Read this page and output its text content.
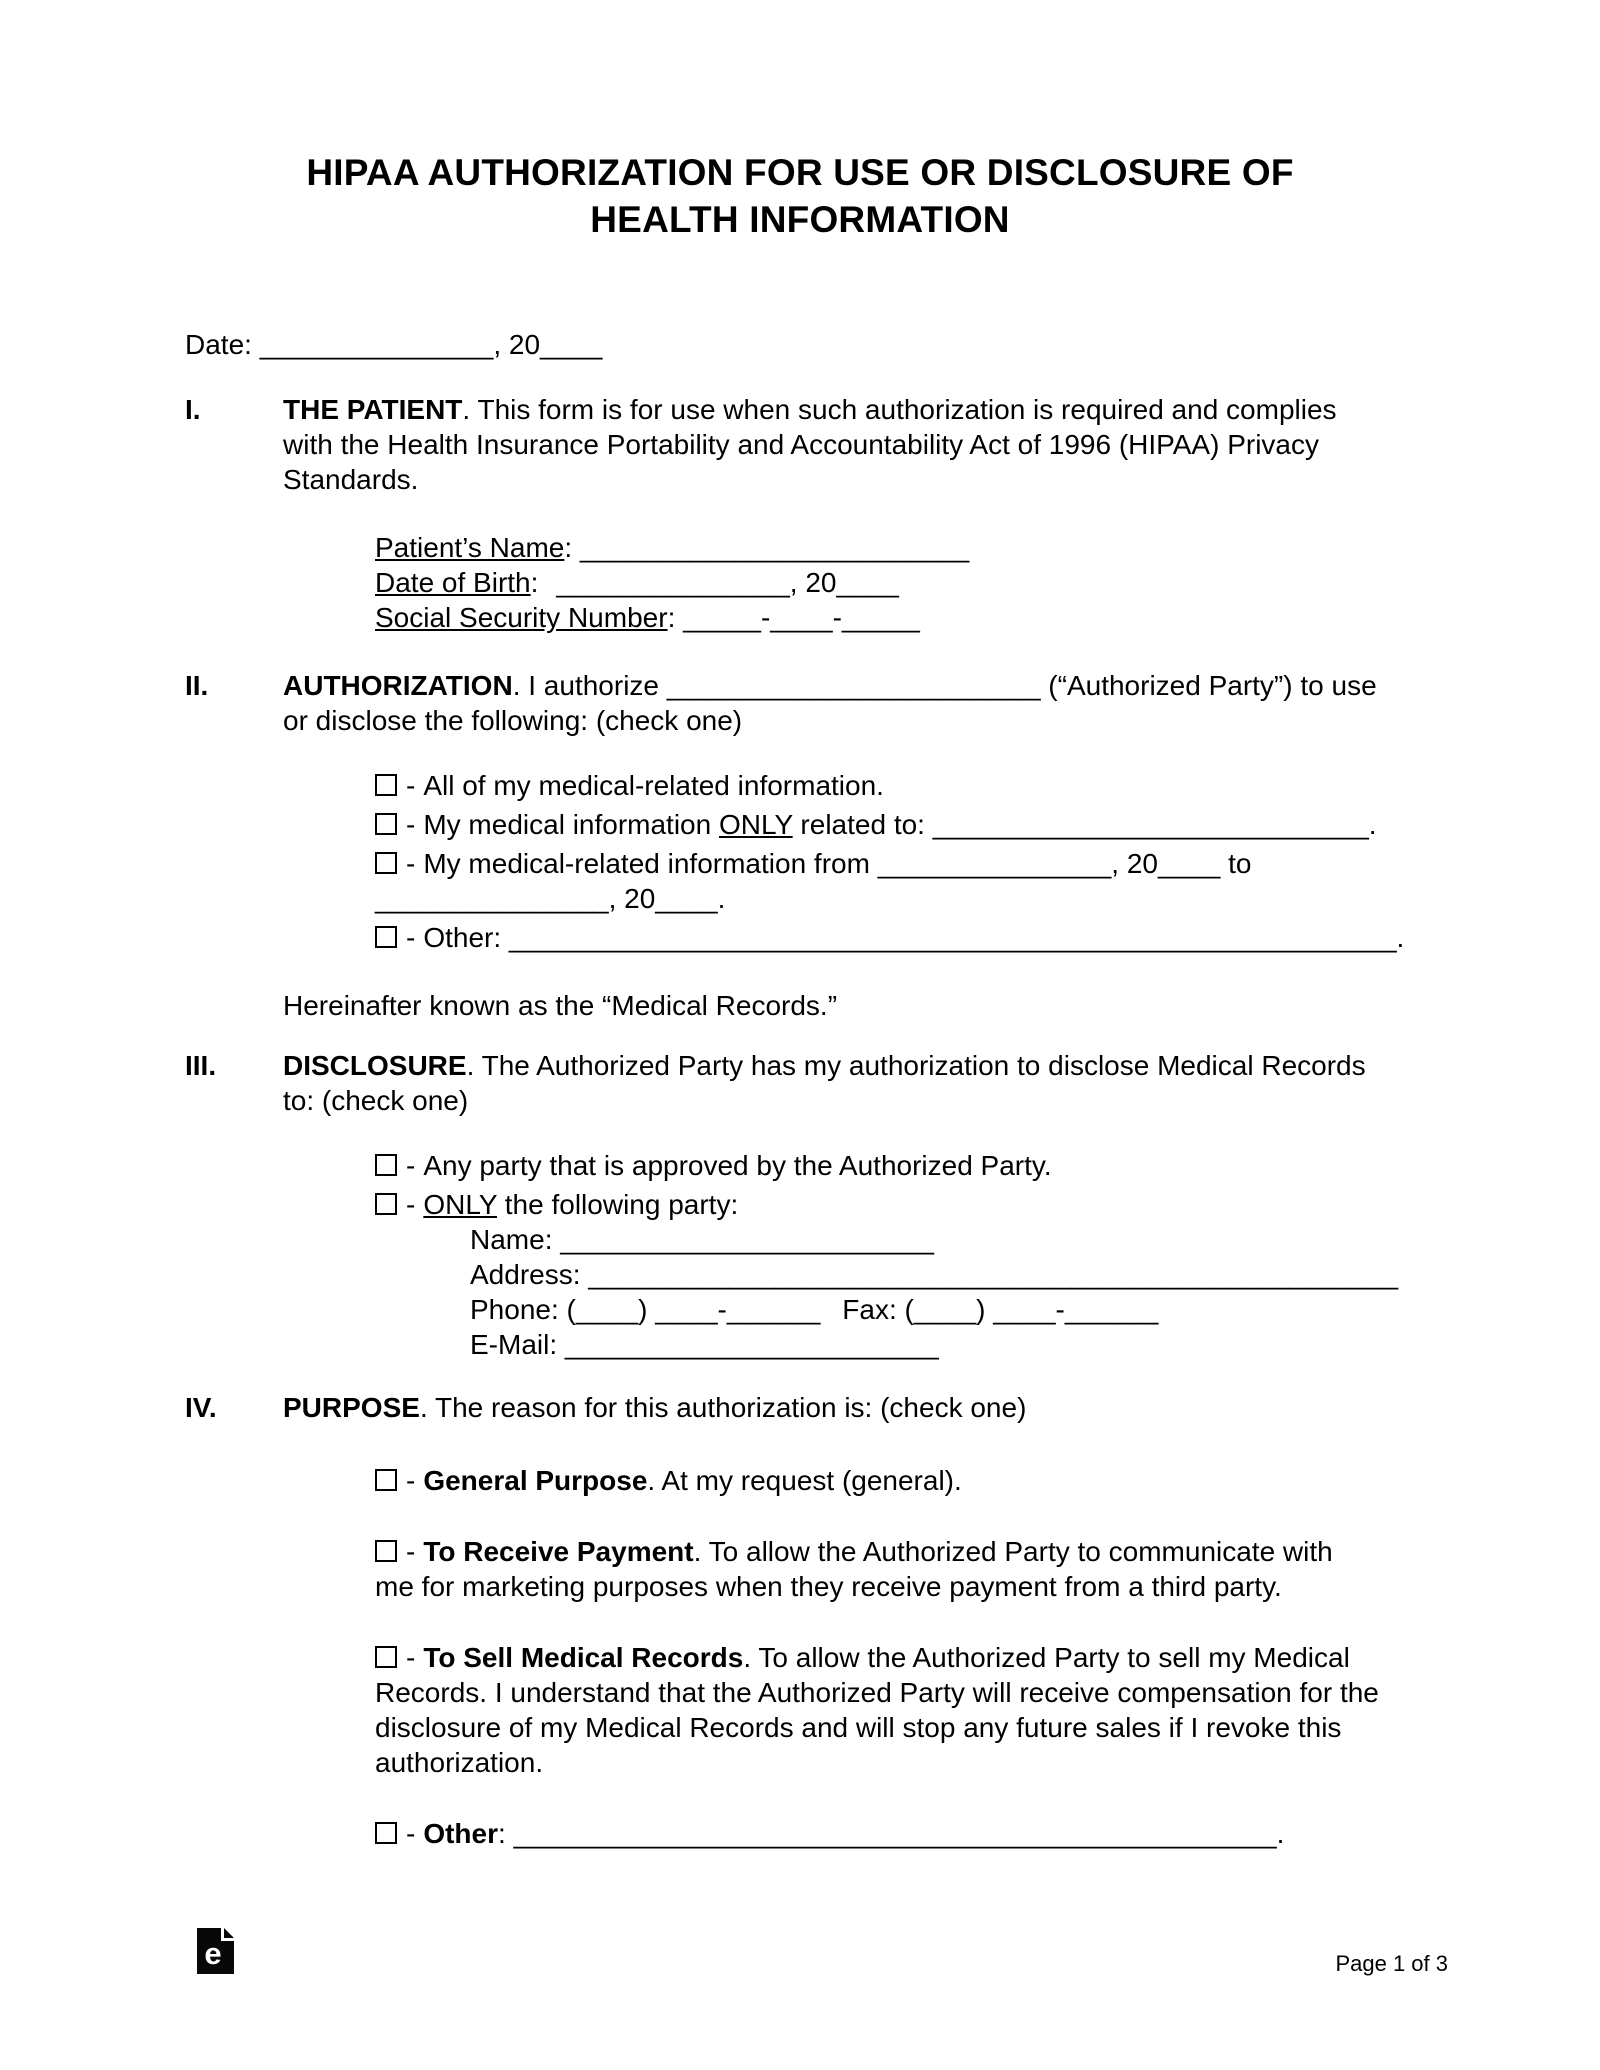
HIPAA AUTHORIZATION FOR USE OR DISCLOSURE OF
HEALTH INFORMATION

Date: _______________, 20____

I.	THE PATIENT. This form is for use when such authorization is required and complies
with the Health Insurance Portability and Accountability Act of 1996 (HIPAA) Privacy
Standards.

Patient’s Name: _________________________

Date of Birth: _______________, 20____

Social Security Number: _____-____-_____

II.	AUTHORIZATION. I authorize ________________________ (“Authorized Party”) to use
or disclose the following: (check one)

- All of my medical-related information.

- My medical information ONLY related to: ____________________________.

- My medical-related information from _______________, 20____ to
_______________, 20____.

- Other: _________________________________________________________.

Hereinafter known as the “Medical Records.”

III.	DISCLOSURE. The Authorized Party has my authorization to disclose Medical Records
to: (check one)

- Any party that is approved by the Authorized Party.

- ONLY the following party:

Name: ________________________

Address: ____________________________________________________

Phone: (____) ____-______ Fax: (____) ____-______

E-Mail: ________________________

IV.	PURPOSE. The reason for this authorization is: (check one)

- General Purpose. At my request (general).

- To Receive Payment. To allow the Authorized Party to communicate with
me for marketing purposes when they receive payment from a third party.

- To Sell Medical Records. To allow the Authorized Party to sell my Medical
Records. I understand that the Authorized Party will receive compensation for the
disclosure of my Medical Records and will stop any future sales if I revoke this
authorization.

- Other: _________________________________________________.

e	Page 1 of 3
